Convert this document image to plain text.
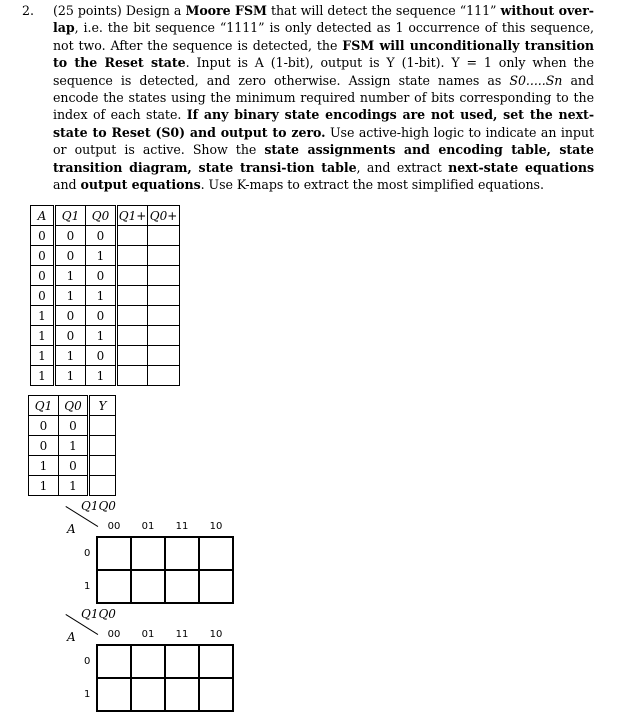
2.	(25 points) Design a Moore FSM that will detect the sequence “111” without over-lap, i.e. the bit sequence “1111” is only detected as 1 occurrence of this sequence, not two. After the sequence is detected, the FSM will unconditionally transition to the Reset state. Input is A (1-bit), output is Y (1-bit). Y = 1 only when the sequence is detected, and zero otherwise. Assign state names as S0.....Sn and encode the states using the minimum required number of bits corresponding to the index of each state. If any binary state encodings are not used, set the next-state to Reset (S0) and output to zero. Use active-high logic to indicate an input or output is active. Show the state assignments and encoding table, state transition diagram, state transi-tion table, and extract next-state equations and output equations. Use K-maps to extract the most simplified equations.
A	Q1	Q0	Q1+	Q0+
0	0	0		
0	0	1		
0	1	0		
0	1	1		
1	0	0		
1	0	1		
1	1	0		
1	1	1		
Q1	Q0	Y
0	0	
0	1	
1	0	
1	1	
Q1Q0
A	00	01	11	10
0
1
Q1Q0
A	00	01	11	10
0
1
